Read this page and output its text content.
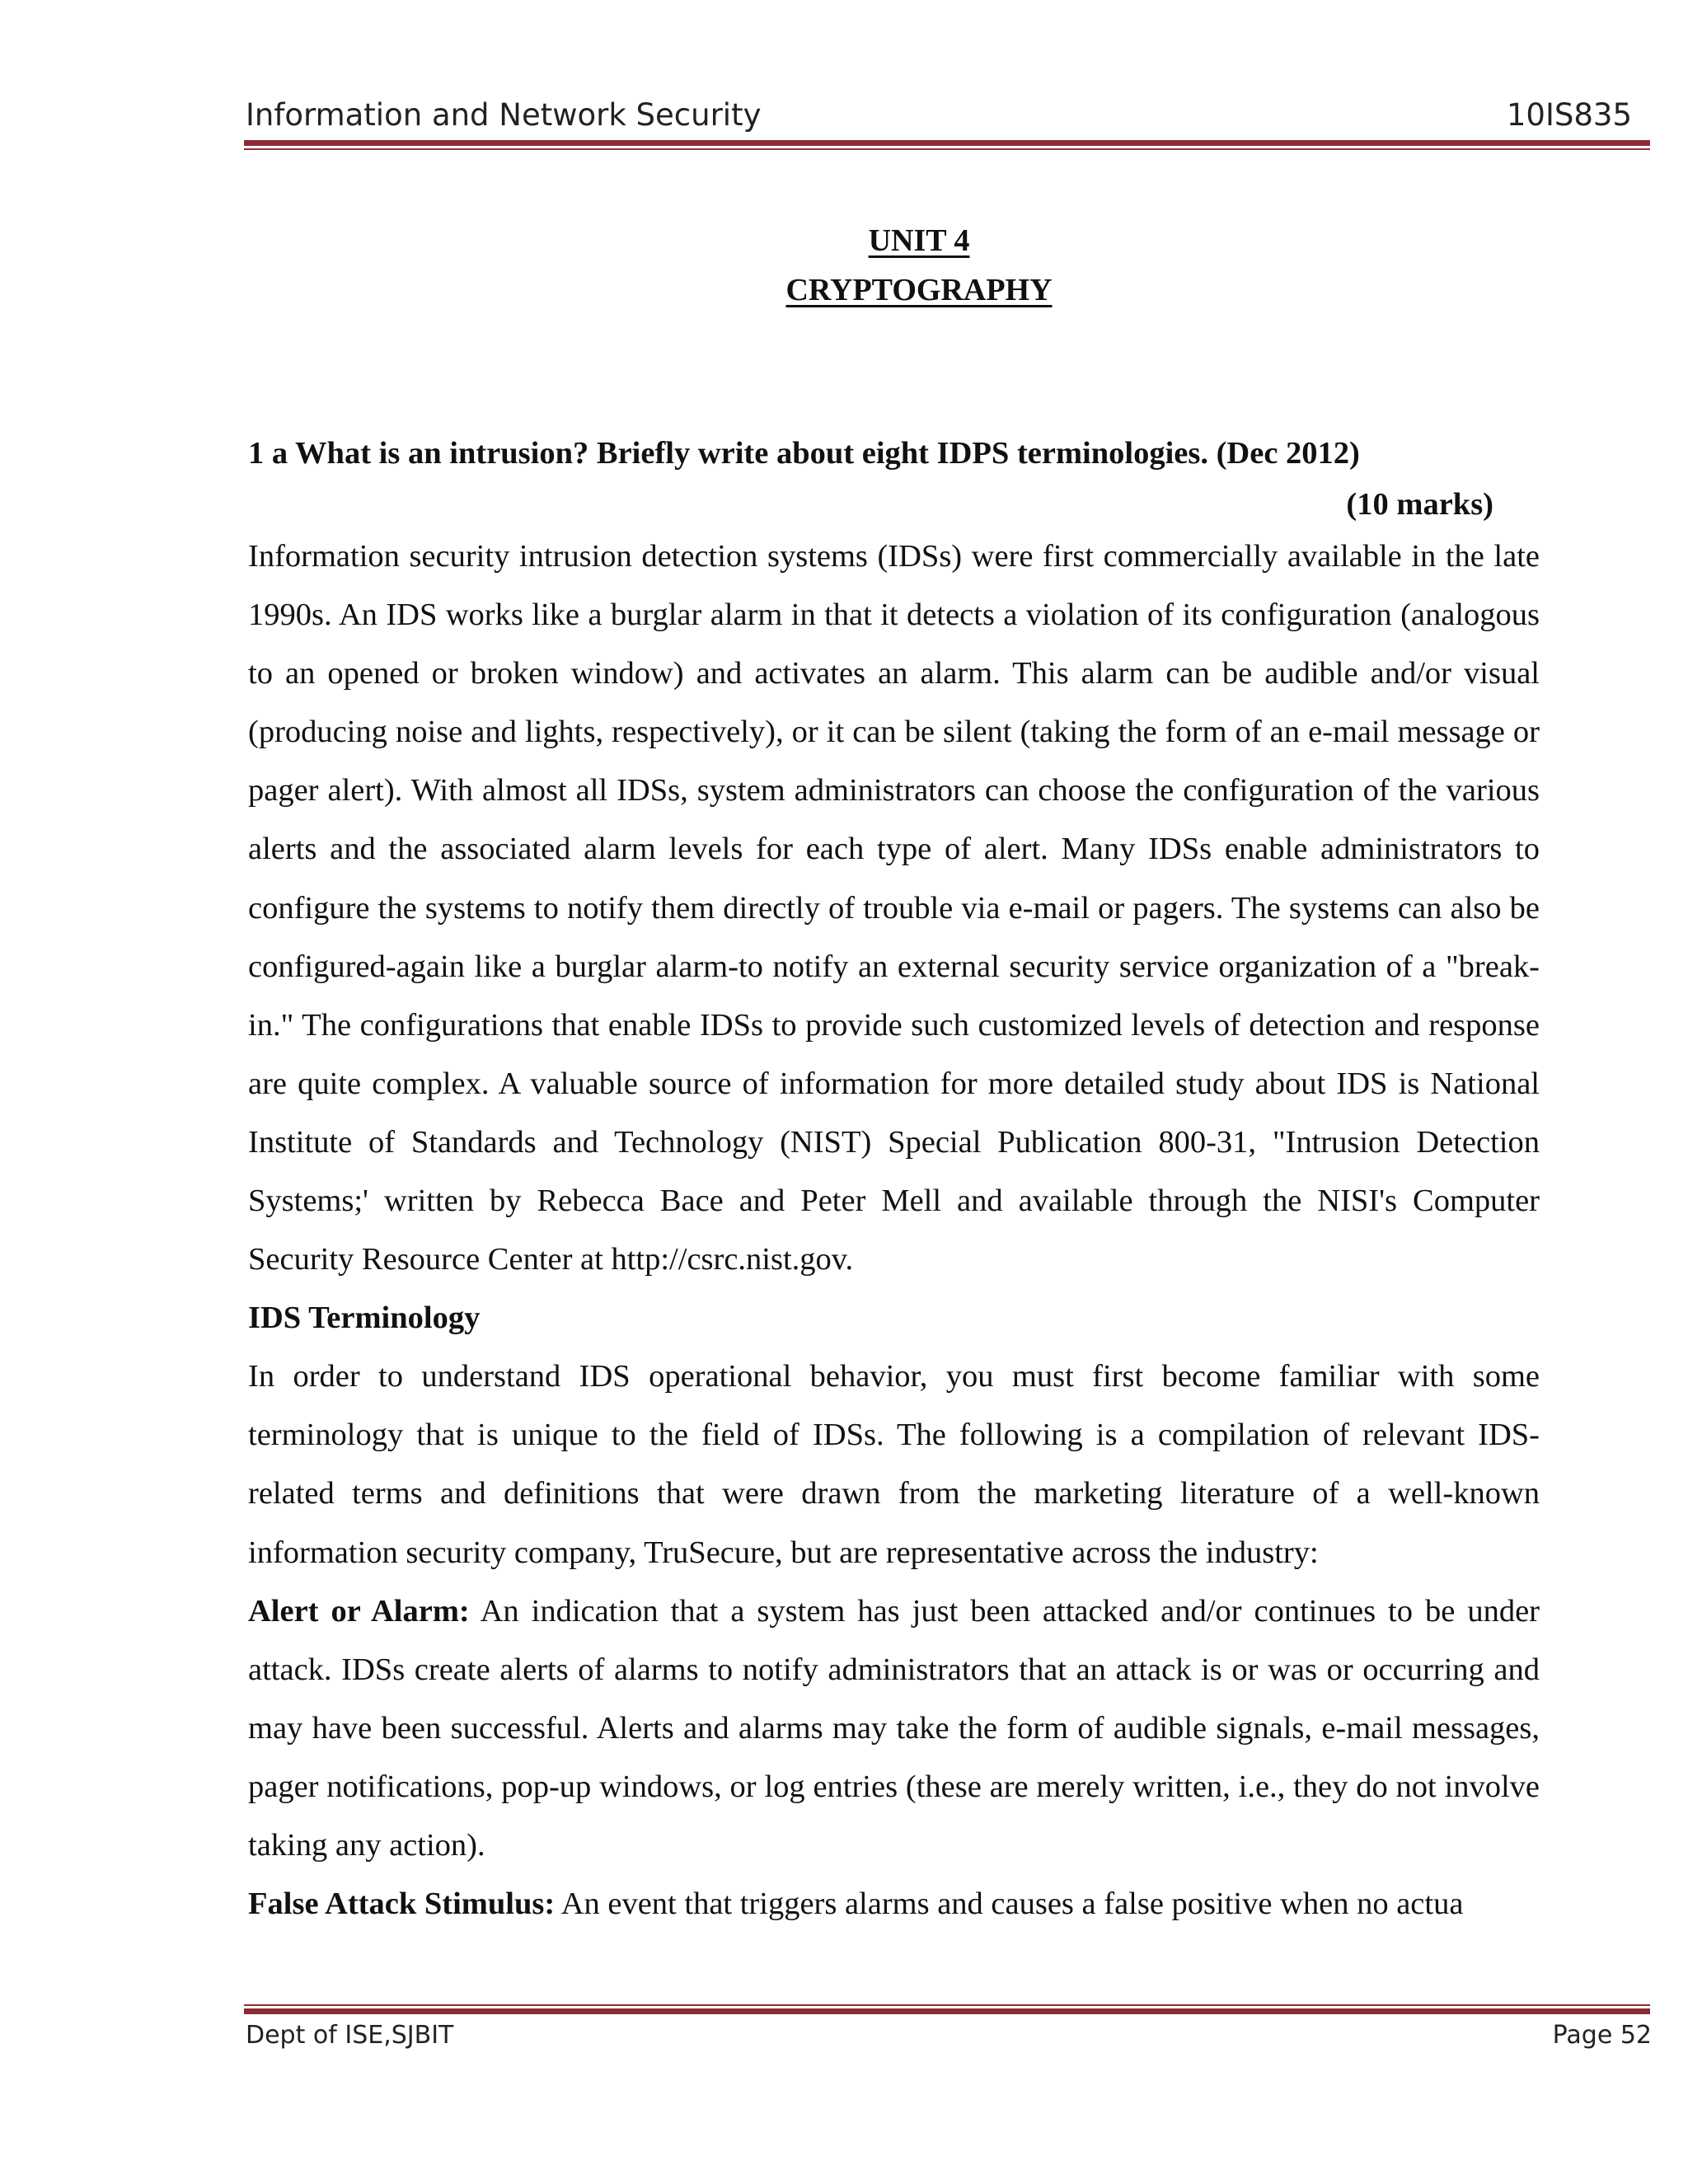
Information and Network Security	10IS835
UNIT 4
CRYPTOGRAPHY
1 a What is an intrusion? Briefly write about eight IDPS terminologies. (Dec 2012)
(10 marks)

Information security intrusion detection systems (IDSs) were first commercially available in the late 1990s. An IDS works like a burglar alarm in that it detects a violation of its configuration (analogous to an opened or broken window) and activates an alarm. This alarm can be audible and/or visual (producing noise and lights, respectively), or it can be silent (taking the form of an e-mail message or pager alert). With almost all IDSs, system administrators can choose the configuration of the various alerts and the associated alarm levels for each type of alert. Many IDSs enable administrators to configure the systems to notify them directly of trouble via e-mail or pagers. The systems can also be configured-again like a burglar alarm-to notify an external security service organization of a "break-in." The configurations that enable IDSs to provide such customized levels of detection and response are quite complex. A valuable source of information for more detailed study about IDS is National Institute of Standards and Technology (NIST) Special Publication 800-31, "Intrusion Detection Systems;' written by Rebecca Bace and Peter Mell and available through the NISI's Computer Security Resource Center at http://csrc.nist.gov.

IDS Terminology

In order to understand IDS operational behavior, you must first become familiar with some terminology that is unique to the field of IDSs. The following is a compilation of relevant IDS-related terms and definitions that were drawn from the marketing literature of a well-known information security company, TruSecure, but are representative across the industry:

Alert or Alarm: An indication that a system has just been attacked and/or continues to be under attack. IDSs create alerts of alarms to notify administrators that an attack is or was or occurring and may have been successful. Alerts and alarms may take the form of audible signals, e-mail messages, pager notifications, pop-up windows, or log entries (these are merely written, i.e., they do not involve taking any action).

False Attack Stimulus: An event that triggers alarms and causes a false positive when no actua

Dept of ISE,SJBIT	Page 52
